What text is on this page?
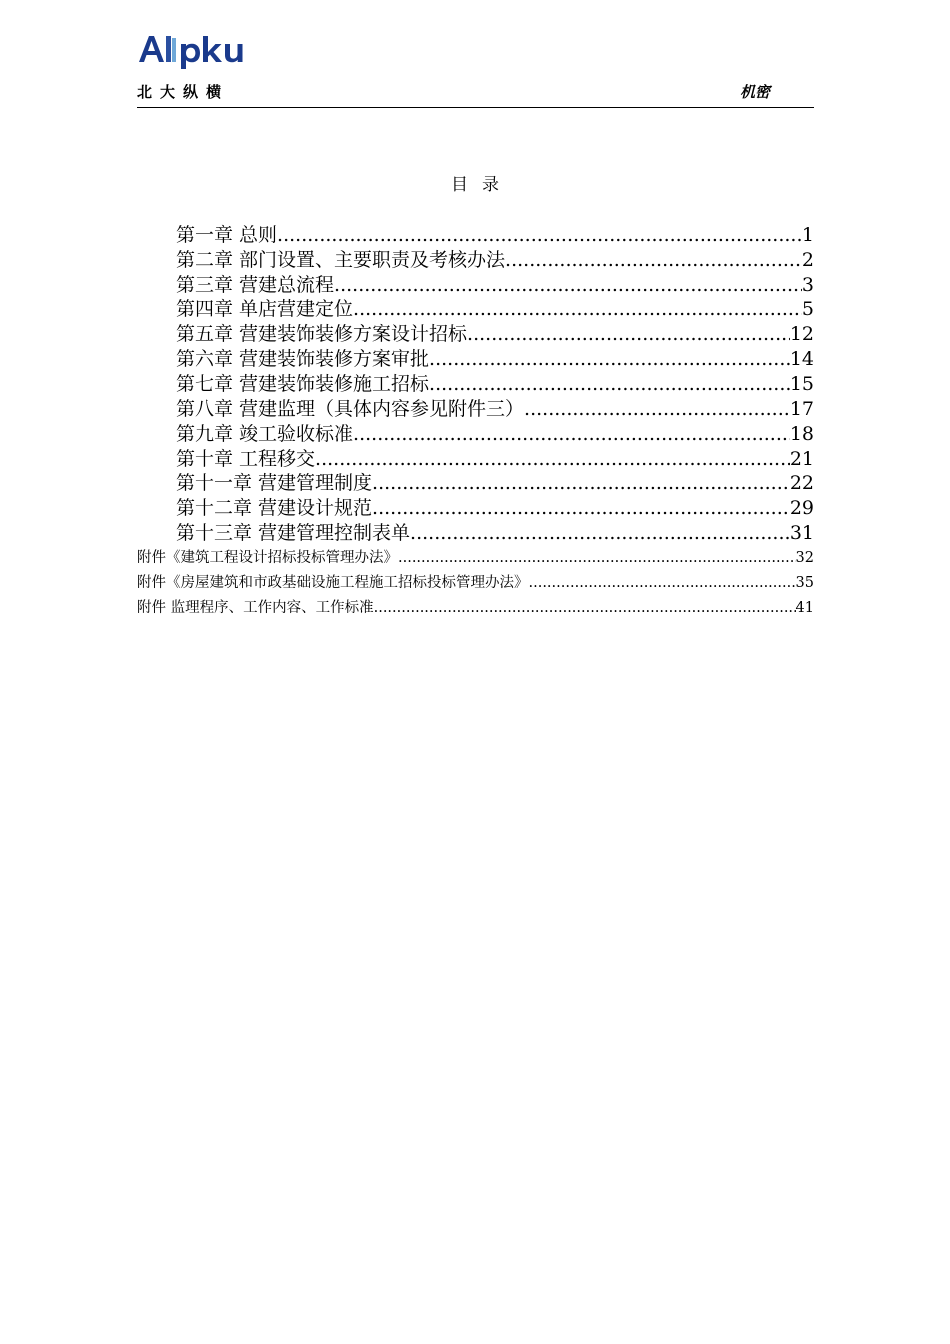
北大纵横	机密
目录
第一章 总则 .....	1
第二章 部门设置、主要职责及考核办法 .....	2
第三章 营建总流程 .....	3
第四章 单店营建定位 .....	5
第五章 营建装饰装修方案设计招标 .....	12
第六章 营建装饰装修方案审批 .....	14
第七章 营建装饰装修施工招标 .....	15
第八章 营建监理（具体内容参见附件三） .....	17
第九章 竣工验收标准 .....	18
第十章 工程移交 .....	21
第十一章 营建管理制度 .....	22
第十二章 营建设计规范 .....	29
第十三章 营建管理控制表单 .....	31
附件《建筑工程设计招标投标管理办法》 .....	32
附件《房屋建筑和市政基础设施工程施工招标投标管理办法》 .....	35
附件 监理程序、工作内容、工作标准 .....	41
